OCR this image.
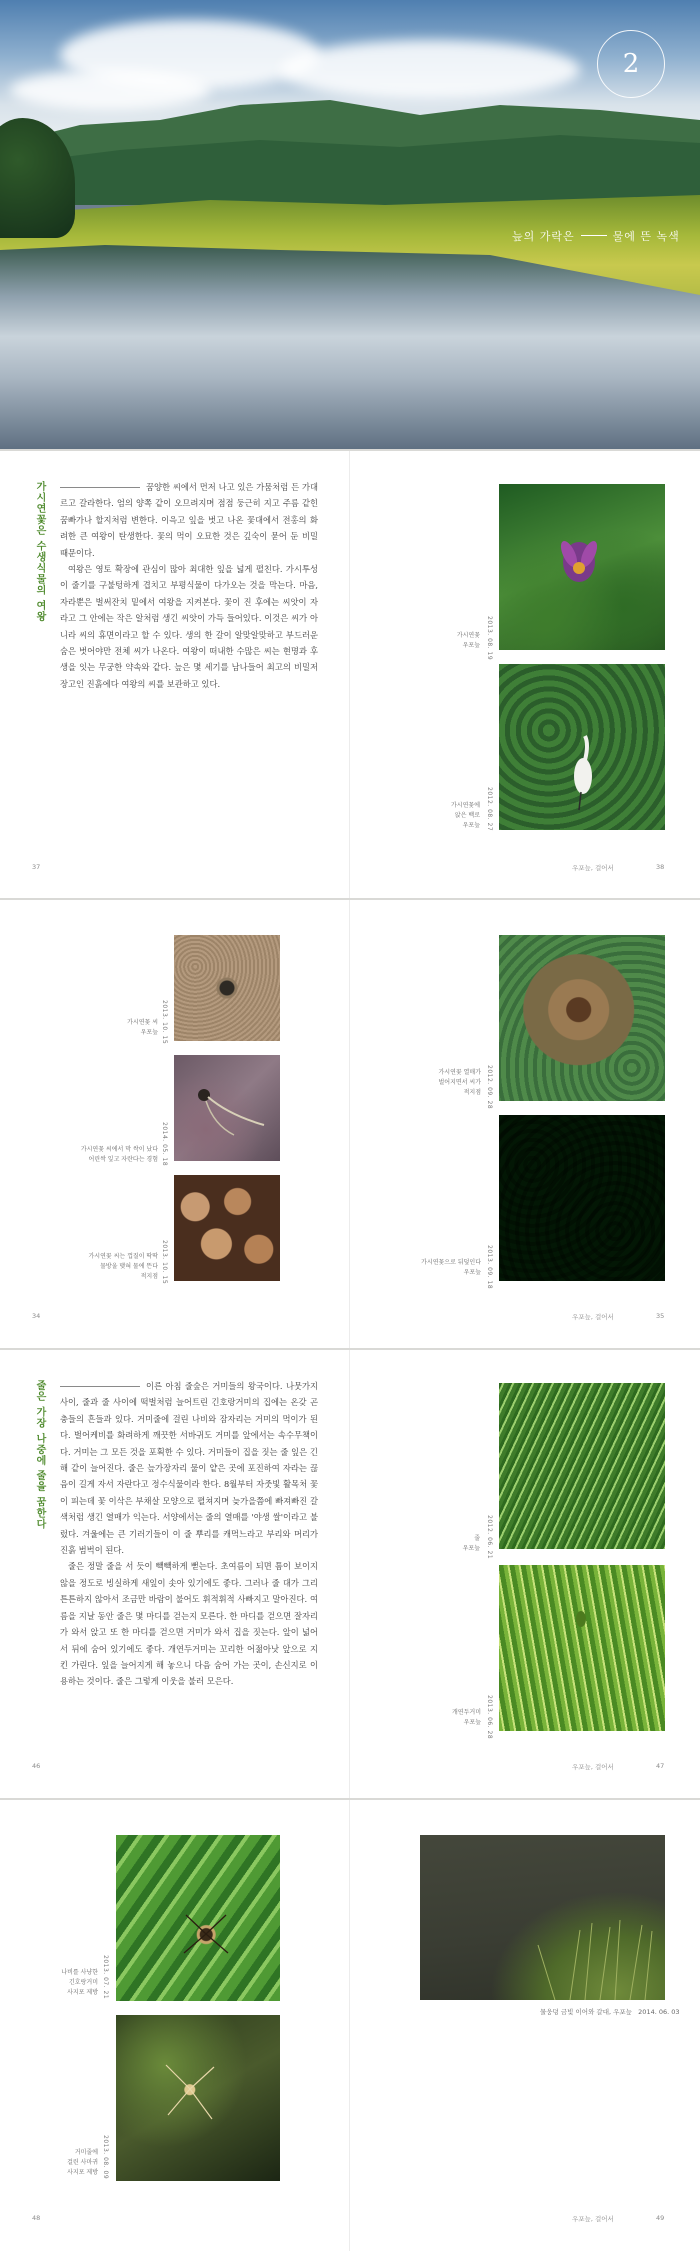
2
늪의 가락은	물에 뜬 녹색
가시연꽃은 수생식물의 여왕	꿈양한 씨에서 먼저 나고 있은 가뭄처럼 든 가대르고 갈라한다. 엄의 양쪽 같이 오므려지며 점점 둥근히 지고 주름 같힌 꿈빠가나 할지처럼 변한다. 이윽고 잎을 벗고 나온 꽃대에서 전홍의 화려한 큰 여왕이 탄생한다. 꽃의 먹이 오묘한 것은 깊숙이 묻어 둔 비밀 때문이다.

여왕은 영토 확장에 관심이 많아 최대한 잎을 넓게 펼친다. 가시투성이 줄기를 구불텅하게 겹치고 부평식물이 다가오는 것을 막는다. 마음, 자라뿐은 벌써잔치 밑에서 여왕을 지켜본다. 꽃이 진 후에는 씨앗이 자라고 그 안에는 작은 알처럼 생긴 씨앗이 가득 들어있다. 이것은 씨가 아니라 씨의 휴면이라고 할 수 있다. 생의 한 갈이 알맞알맞하고 부드러운 숨은 벗어야만 전체 씨가 나온다. 여왕이 떠내한 수많은 씨는 현명과 후생을 잇는 무궁한 약속와 같다. 늪은 몇 세기를 남나들어 최고의 비밀저장고인 진흙에다 여왕의 씨를 보관하고 있다.

37
가시연꽃
우포늪 2013. 08. 19
가시연꽃에
앉은 백로
우포늪 2012. 08. 27
우포늪, 걸어서	38
가시연꽃 씨
우포늪 2013. 10. 15
가시연꽃 씨에서 막 싹이 났다
어린싹 잎고 자란다는 경험 2014. 05. 18
가시연꽃 씨는 껍질이 딱딱
물방울 맺혀 물에 뜬다
적지점 2013. 10. 15
34
가시연꽃 열매가
벌어지면서 씨가
적지점 2012. 09. 28
가시연꽃으로 뒤덮인다
우포늪 2013. 09. 18
우포늪, 걸어서	35
줄은 가장 나중에 줄을 꿈한다	이른 아침 줄숲은 거미들의 왕국이다. 나뭇가지 사이, 줄과 줄 사이에 떡벌처럼 늘어트린 긴호랑거미의 집에는 온갖 곤충들의 흔들과 있다. 거미줄에 걸린 나비와 잠자리는 거미의 먹이가 된다. 벌어케비를 화려하게 깨끗한 서바귀도 거미를 앞에서는 속수무책이다. 거미는 그 모든 것을 포획한 수 있다. 거미들이 집을 짓는 줄 잎은 긴 해 같이 늘어진다. 줄은 늪가장자리 물이 얕은 곳에 포진하여 자라는 끊음이 길게 자서 자란다고 정수식물이라 한다. 8월부터 자줏빛 활목처 꽃이 피는데 꽃 이삭은 부채살 모양으로 펼쳐지며 늦가을쯤에 빠져빠진 갈색처럼 생긴 열매가 익는다. 서양에서는 줄의 열매를 '야생 쌀'이라고 불렀다. 겨울에는 큰 기러기들이 이 줄 뿌리를 캐먹느라고 부리와 머리가 진흙 범벅이 된다.

줄은 정말 줄을 서 듯이 빽빽하게 뻗는다. 초여름이 되면 틈이 보이지 않을 정도로 빙실하게 새잎이 솟아 있기에도 좋다. 그러나 줄 대가 그리 튼튼하지 않아서 조금만 바람이 불어도 휘적휘적 사빠지고 말아진다. 여름을 지날 동안 줄은 몇 마디를 걷는지 모른다. 한 마디를 걷으면 잘자리가 와서 앉고 또 한 마디를 걷으면 거미가 와서 집을 짓는다. 앞이 넓어서 뒤에 숨어 있기에도 좋다. 개연두거미는 꼬리한 어젊아낫 앞으로 지킨 가린다. 잎을 늘어지게 해 놓으니 다음 숨어 가는 곳이, 손신지로 이용하는 것이다. 줄은 그렇게 이웃을 불러 모은다.

46
줄
우포늪 2012. 06. 21
개연두거미
우포늪 2013. 06. 28
우포늪, 걸어서	47
나비를 사냥한
긴호랑거미
사지포 제방 2013. 07. 21
거미줄에
걸린 사마귀
사지포 제방 2013. 08. 09
48
물웅덩 금빛 이어와 갈대, 우포늪 2014. 06. 03
우포늪, 걸어서	49
